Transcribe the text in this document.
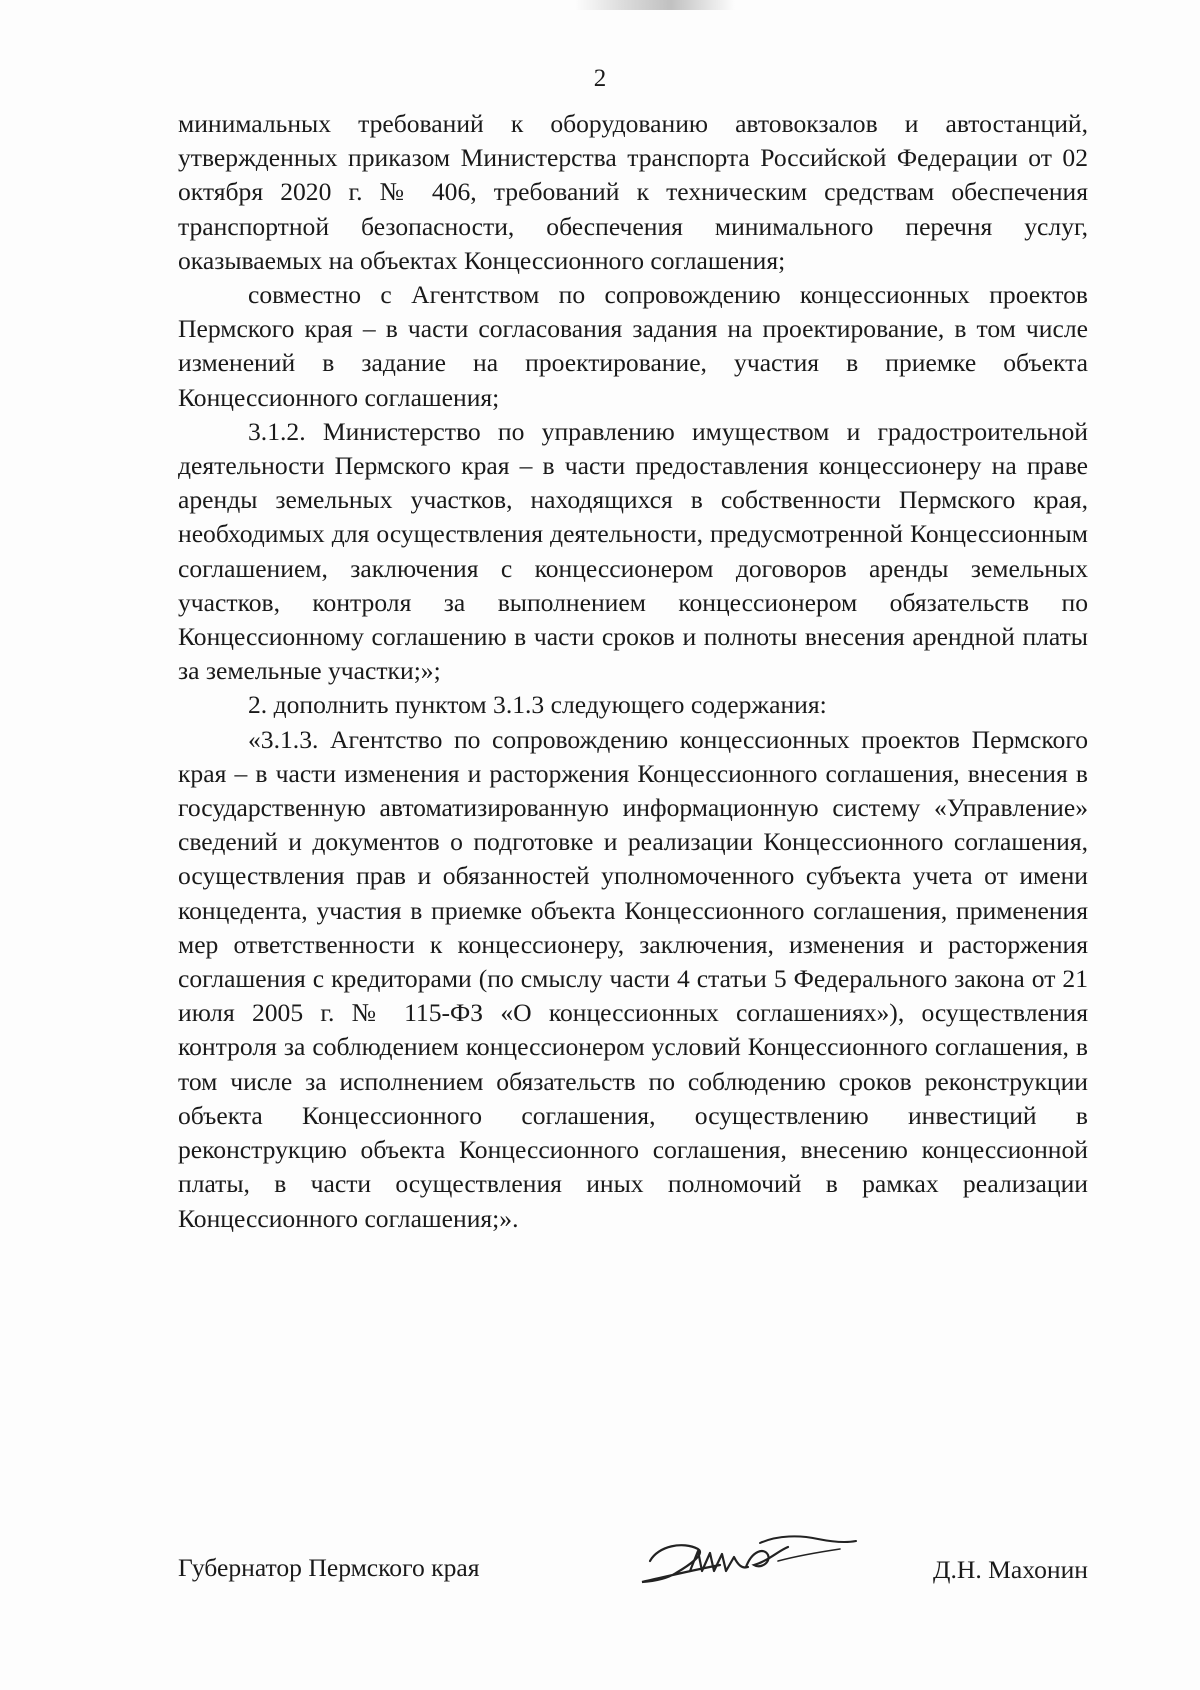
2

минимальных требований к оборудованию автовокзалов и автостанций, утвержденных приказом Министерства транспорта Российской Федерации от 02 октября 2020 г. № 406, требований к техническим средствам обеспечения транспортной безопасности, обеспечения минимального перечня услуг, оказываемых на объектах Концессионного соглашения;

совместно с Агентством по сопровождению концессионных проектов Пермского края – в части согласования задания на проектирование, в том числе изменений в задание на проектирование, участия в приемке объекта Концессионного соглашения;

3.1.2. Министерство по управлению имуществом и градостроительной деятельности Пермского края – в части предоставления концессионеру на праве аренды земельных участков, находящихся в собственности Пермского края, необходимых для осуществления деятельности, предусмотренной Концессионным соглашением, заключения с концессионером договоров аренды земельных участков, контроля за выполнением концессионером обязательств по Концессионному соглашению в части сроков и полноты внесения арендной платы за земельные участки;»;

2. дополнить пунктом 3.1.3 следующего содержания:

«3.1.3. Агентство по сопровождению концессионных проектов Пермского края – в части изменения и расторжения Концессионного соглашения, внесения в государственную автоматизированную информационную систему «Управление» сведений и документов о подготовке и реализации Концессионного соглашения, осуществления прав и обязанностей уполномоченного субъекта учета от имени концедента, участия в приемке объекта Концессионного соглашения, применения мер ответственности к концессионеру, заключения, изменения и расторжения соглашения с кредиторами (по смыслу части 4 статьи 5 Федерального закона от 21 июля 2005 г. № 115-ФЗ «О концессионных соглашениях»), осуществления контроля за соблюдением концессионером условий Концессионного соглашения, в том числе за исполнением обязательств по соблюдению сроков реконструкции объекта Концессионного соглашения, осуществлению инвестиций в реконструкцию объекта Концессионного соглашения, внесению концессионной платы, в части осуществления иных полномочий в рамках реализации Концессионного соглашения;».

Губернатор Пермского края	Д.Н. Махонин
